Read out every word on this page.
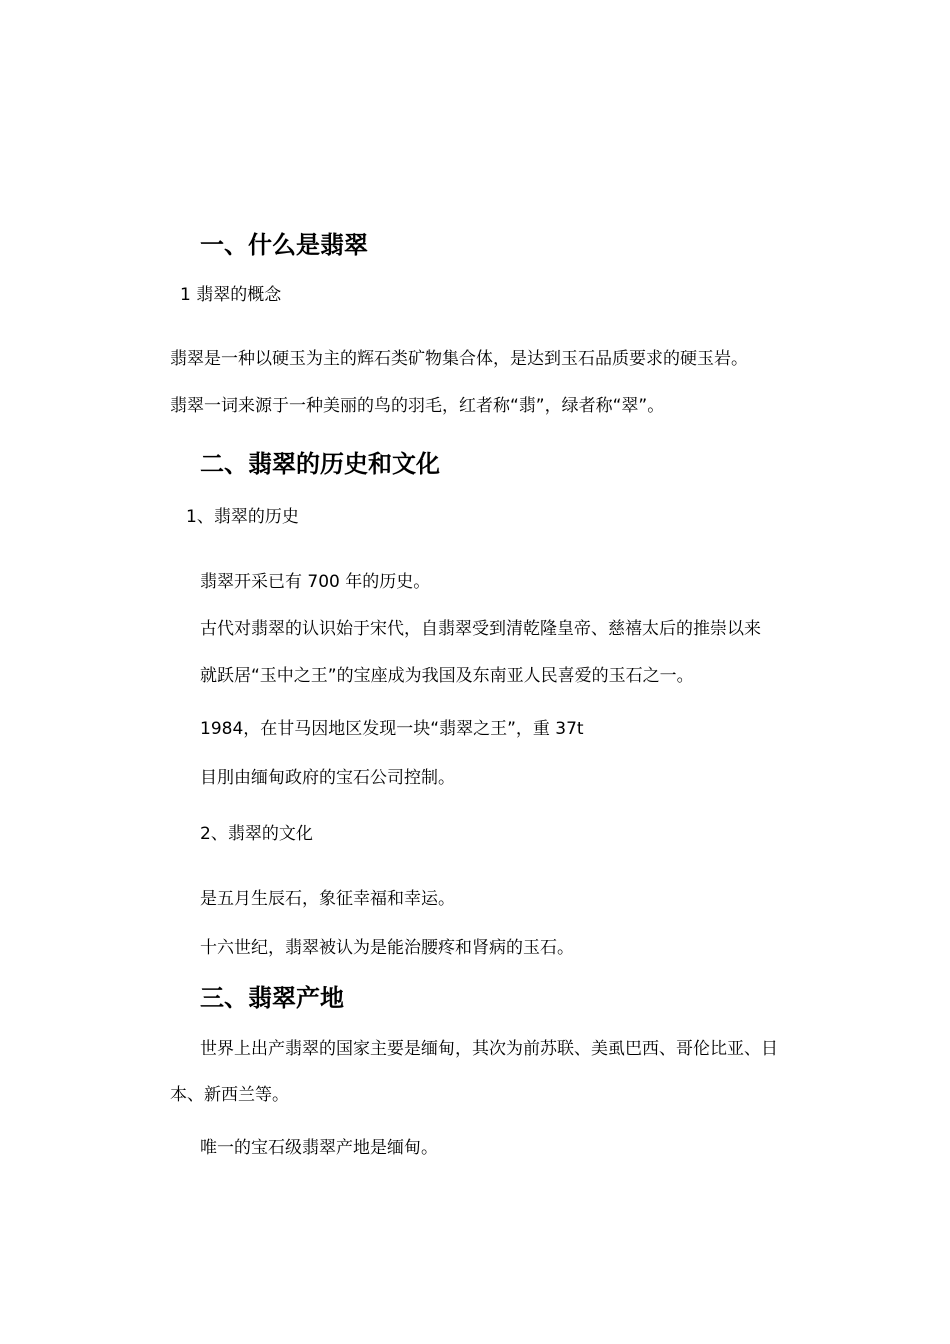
一、什么是翡翠
1 翡翠的概念
翡翠是一种以硬玉为主的辉石类矿物集合体，是达到玉石品质要求的硬玉岩。
翡翠一词来源于一种美丽的鸟的羽毛，红者称“翡”，绿者称“翠”。
二、翡翠的历史和文化
1、翡翠的历史
翡翠开采已有 700 年的历史。
古代对翡翠的认识始于宋代，自翡翠受到清乾隆皇帝、慈禧太后的推崇以来
就跃居“玉中之王”的宝座成为我国及东南亚人民喜爱的玉石之一。
1984，在甘马因地区发现一块“翡翠之王”，重 37t
目刖由缅甸政府的宝石公司控制。
2、翡翠的文化
是五月生辰石，象征幸福和幸运。
十六世纪，翡翠被认为是能治腰疼和肾病的玉石。
三、翡翠产地
世界上出产翡翠的国家主要是缅甸，其次为前苏联、美虱巴西、哥伦比亚、日
本、新西兰等。
唯一的宝石级翡翠产地是缅甸。
